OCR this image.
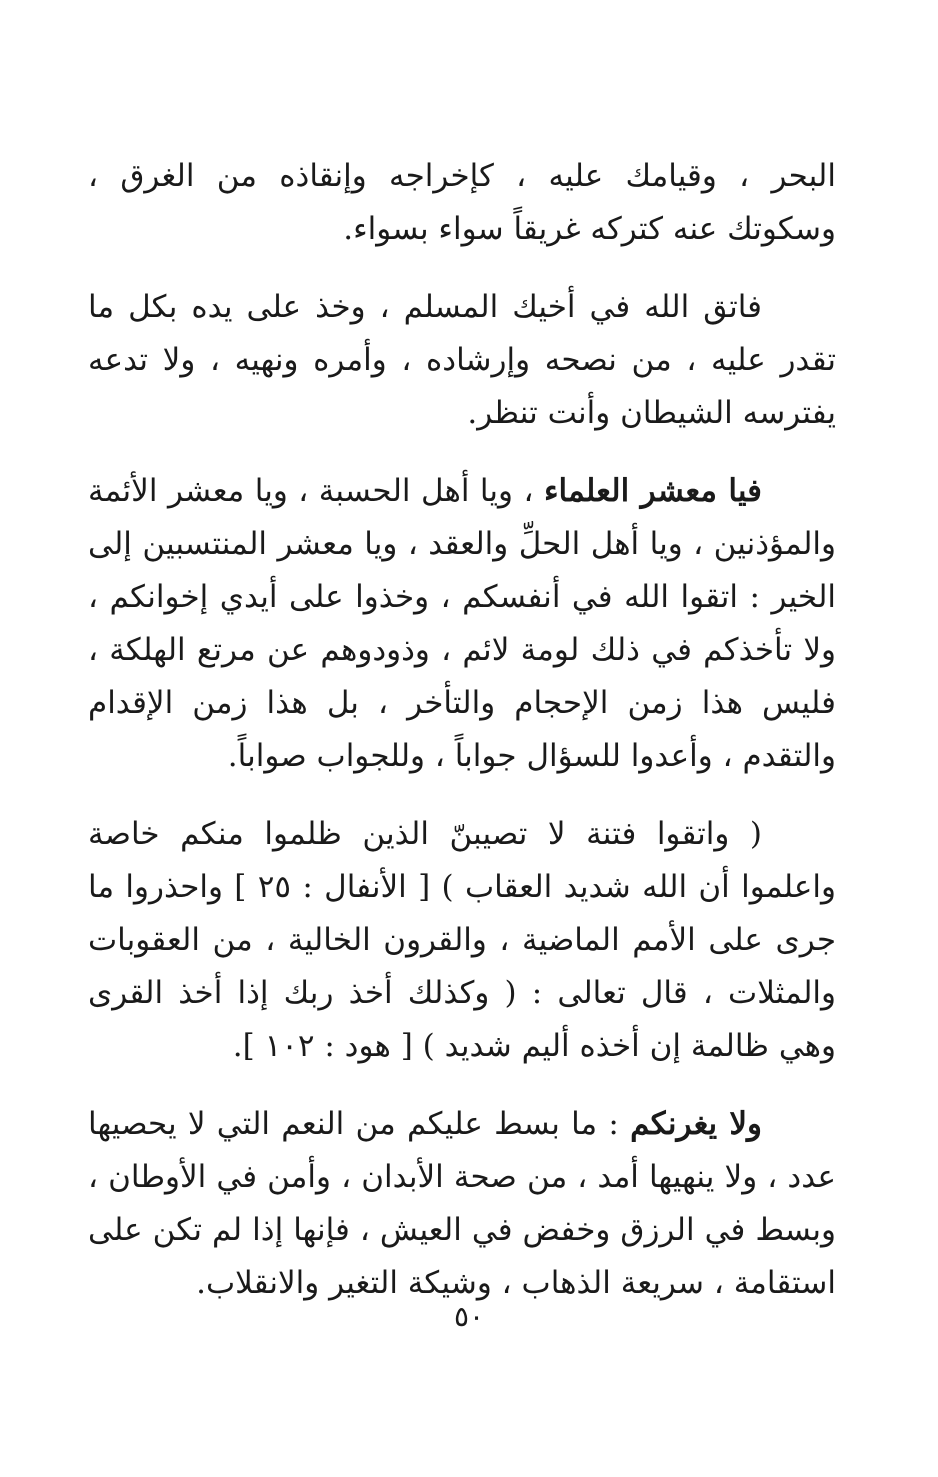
البحر ، وقيامك عليه ، كإخراجه وإنقاذه من الغرق ، وسكوتك عنه كتركه غريقاً سواء بسواء.

فاتق الله في أخيك المسلم ، وخذ على يده بكل ما تقدر عليه ، من نصحه وإرشاده ، وأمره ونهيه ، ولا تدعه يفترسه الشيطان وأنت تنظر.

فيا معشر العلماء ، ويا أهل الحسبة ، ويا معشر الأئمة والمؤذنين ، ويا أهل الحلِّ والعقد ، ويا معشر المنتسبين إلى الخير : اتقوا الله في أنفسكم ، وخذوا على أيدي إخوانكم ، ولا تأخذكم في ذلك لومة لائم ، وذودوهم عن مرتع الهلكة ، فليس هذا زمن الإحجام والتأخر ، بل هذا زمن الإقدام والتقدم ، وأعدوا للسؤال جواباً ، وللجواب صواباً.

( واتقوا فتنة لا تصيبنّ الذين ظلموا منكم خاصة واعلموا أن الله شديد العقاب ) [ الأنفال : ٢٥ ] واحذروا ما جرى على الأمم الماضية ، والقرون الخالية ، من العقوبات والمثلات ، قال تعالى : ( وكذلك أخذ ربك إذا أخذ القرى وهي ظالمة إن أخذه أليم شديد ) [ هود : ١٠٢ ].

ولا يغرنكم : ما بسط عليكم من النعم التي لا يحصيها عدد ، ولا ينهيها أمد ، من صحة الأبدان ، وأمن في الأوطان ، وبسط في الرزق وخفض في العيش ، فإنها إذا لم تكن على استقامة ، سريعة الذهاب ، وشيكة التغير والانقلاب.

٥٠
